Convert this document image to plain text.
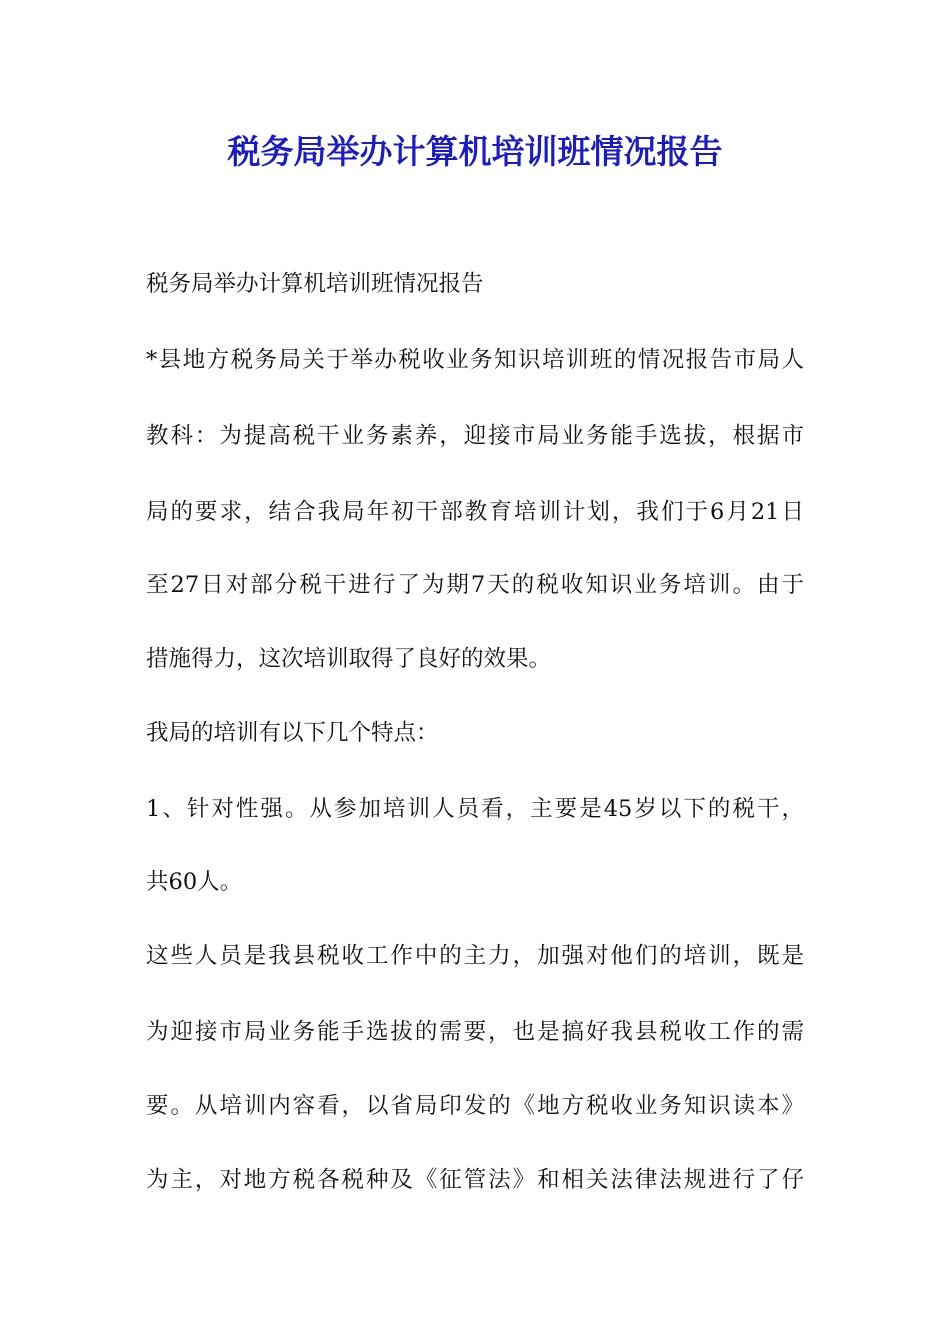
税务局举办计算机培训班情况报告
税务局举办计算机培训班情况报告
*县地方税务局关于举办税收业务知识培训班的情况报告市局人
教科：为提高税干业务素养，迎接市局业务能手选拔，根据市
局的要求，结合我局年初干部教育培训计划，我们于6月21日
至27日对部分税干进行了为期7天的税收知识业务培训。由于
措施得力，这次培训取得了良好的效果。
我局的培训有以下几个特点：
1、针对性强。从参加培训人员看，主要是45岁以下的税干，
共60人。
这些人员是我县税收工作中的主力，加强对他们的培训，既是
为迎接市局业务能手选拔的需要，也是搞好我县税收工作的需
要。从培训内容看，以省局印发的《地方税收业务知识读本》
为主，对地方税各税种及《征管法》和相关法律法规进行了仔
